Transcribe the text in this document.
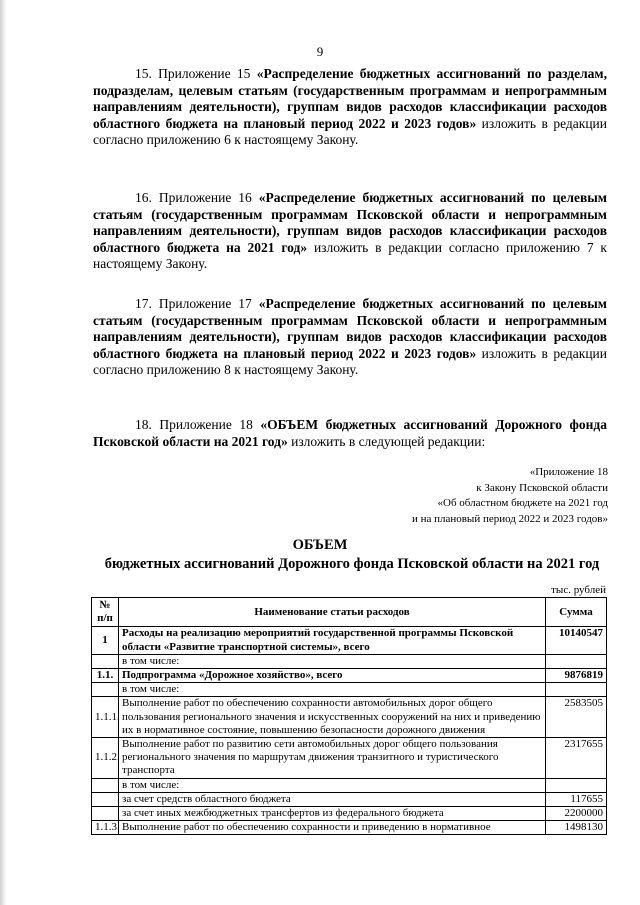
9

15. Приложение 15 «Распределение бюджетных ассигнований по разделам, подразделам, целевым статьям (государственным программам и непрограммным направлениям деятельности), группам видов расходов классификации расходов областного бюджета на плановый период 2022 и 2023 годов» изложить в редакции согласно приложению 6 к настоящему Закону.

16. Приложение 16 «Распределение бюджетных ассигнований по целевым статьям (государственным программам Псковской области и непрограммным направлениям деятельности), группам видов расходов классификации расходов областного бюджета на 2021 год» изложить в редакции согласно приложению 7 к настоящему Закону.

17. Приложение 17 «Распределение бюджетных ассигнований по целевым статьям (государственным программам Псковской области и непрограммным направлениям деятельности), группам видов расходов классификации расходов областного бюджета на плановый период 2022 и 2023 годов» изложить в редакции согласно приложению 8 к настоящему Закону.

18. Приложение 18 «ОБЪЕМ бюджетных ассигнований Дорожного фонда Псковской области на 2021 год» изложить в следующей редакции:

«Приложение 18
к Закону Псковской области
«Об областном бюджете на 2021 год
и на плановый период 2022 и 2023 годов»
ОБЪЕМ
бюджетных ассигнований Дорожного фонда Псковской области на 2021 год
тыс. рублей
№ п/п	Наименование статьи расходов	Сумма
1	Расходы на реализацию мероприятий государственной программы Псковской области «Развитие транспортной системы», всего	10140547
	в том числе:	
1.1.	Подпрограмма «Дорожное хозяйство», всего	9876819
	в том числе:	
1.1.1.	Выполнение работ по обеспечению сохранности автомобильных дорог общего пользования регионального значения и искусственных сооружений на них и приведению их в нормативное состояние, повышению безопасности дорожного движения	2583505
1.1.2.	Выполнение работ по развитию сети автомобильных дорог общего пользования регионального значения по маршрутам движения транзитного и туристического транспорта	2317655
	в том числе:	
	за счет средств областного бюджета	117655
	за счет иных межбюджетных трансфертов из федерального бюджета	2200000
1.1.3.	Выполнение работ по обеспечению сохранности и приведению в нормативное	1498130
